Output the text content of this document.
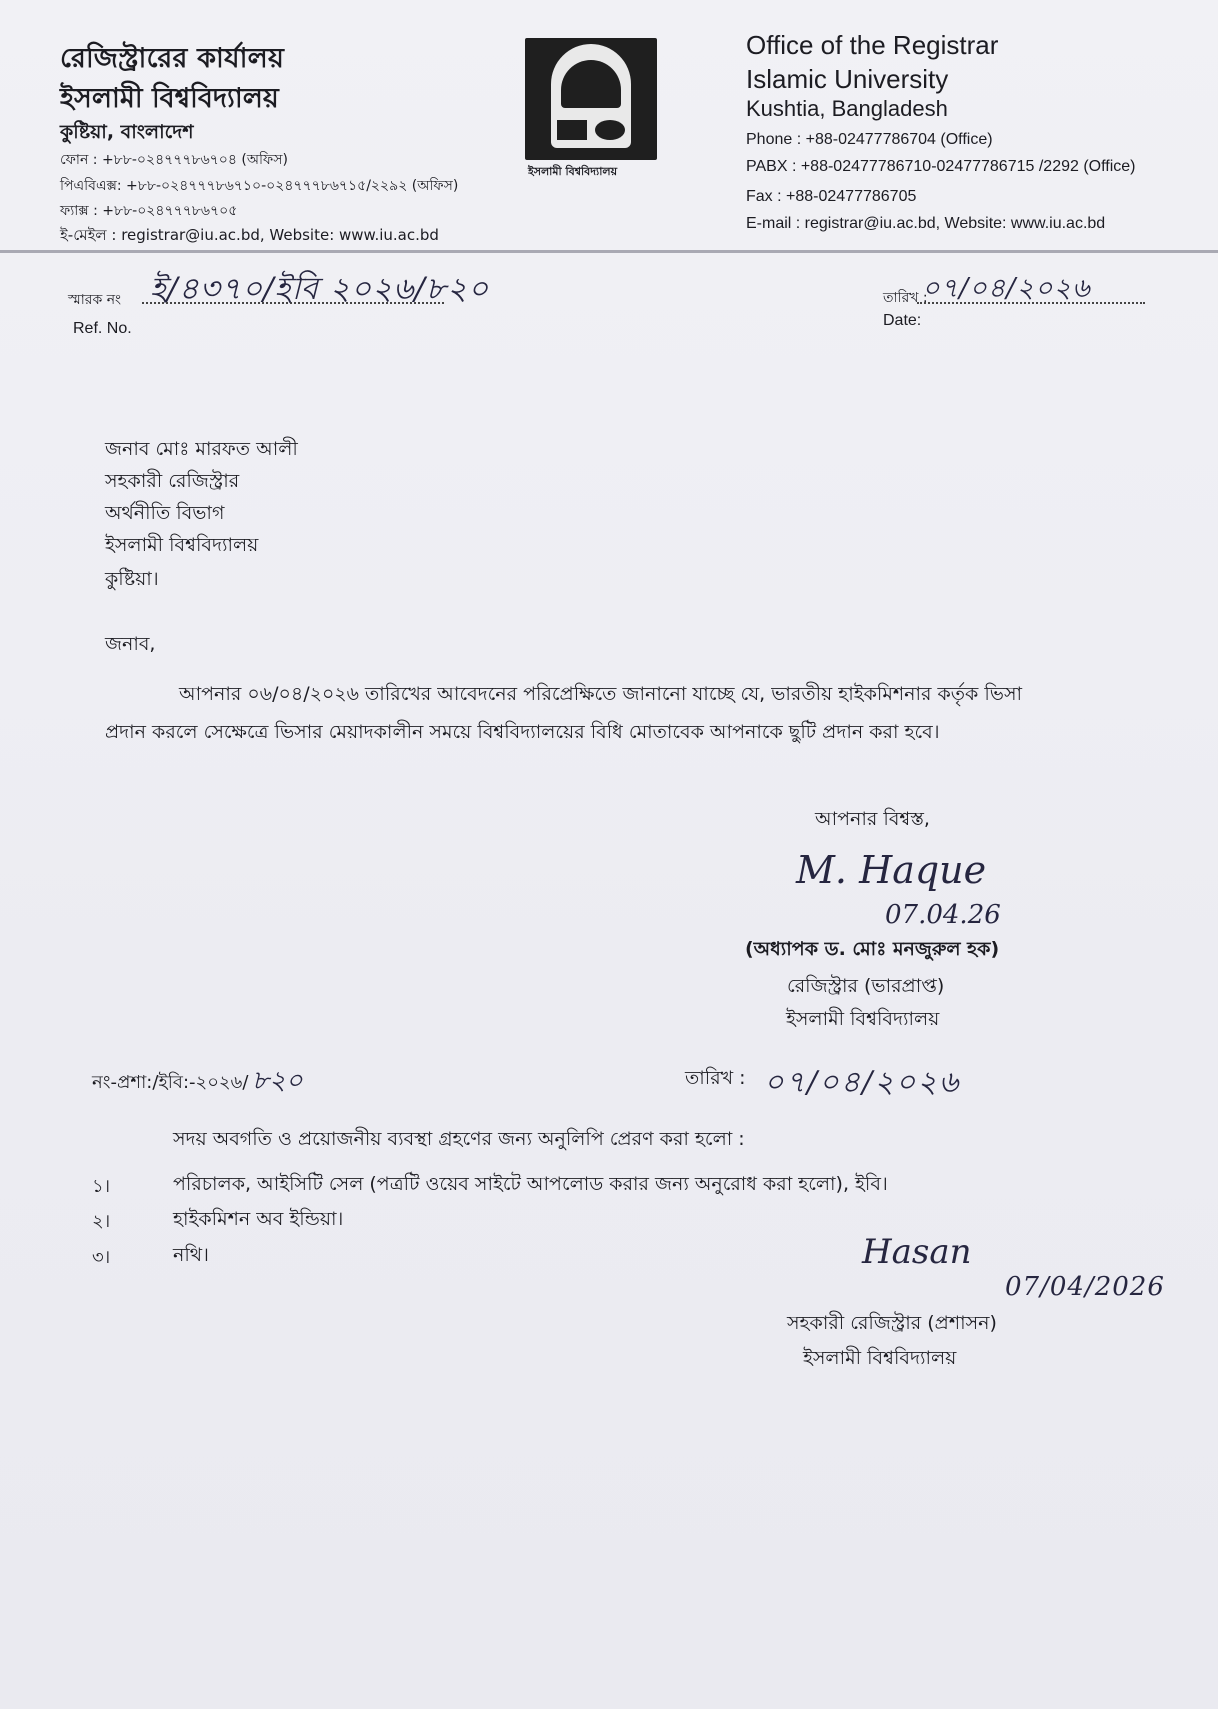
রেজিস্ট্রারের কার্যালয়
ইসলামী বিশ্ববিদ্যালয়
কুষ্টিয়া, বাংলাদেশ
ফোন : +৮৮-০২৪৭৭৭৮৬৭০৪ (অফিস)
পিএবিএক্স: +৮৮-০২৪৭৭৭৮৬৭১০-০২৪৭৭৭৮৬৭১৫/২২৯২ (অফিস)
ফ্যাক্স : +৮৮-০২৪৭৭৭৮৬৭০৫
ই-মেইল : registrar@iu.ac.bd, Website: www.iu.ac.bd
ইসলামী বিশ্ববিদ্যালয়
Office of the Registrar
Islamic University
Kushtia, Bangladesh
Phone : +88-02477786704 (Office)
PABX : +88-02477786710-02477786715 /2292 (Office)
Fax : +88-02477786705
E-mail : registrar@iu.ac.bd, Website: www.iu.ac.bd
স্মারক নং ই/৪৩৭০/ইবি ২০২৬/৮২০
Ref. No.
তারিখ :
০৭/০৪/২০২৬
Date:
জনাব মোঃ মারফত আলী
সহকারী রেজিস্ট্রার
অর্থনীতি বিভাগ
ইসলামী বিশ্ববিদ্যালয়
কুষ্টিয়া।
জনাব,
আপনার ০৬/০৪/২০২৬ তারিখের আবেদনের পরিপ্রেক্ষিতে জানানো যাচ্ছে যে, ভারতীয় হাইকমিশনার কর্তৃক ভিসা প্রদান করলে সেক্ষেত্রে ভিসার মেয়াদকালীন সময়ে বিশ্ববিদ্যালয়ের বিধি মোতাবেক আপনাকে ছুটি প্রদান করা হবে।
আপনার বিশ্বস্ত,
M. Haque
07.04.26
(অধ্যাপক ড. মোঃ মনজুরুল হক)
রেজিস্ট্রার (ভারপ্রাপ্ত)
ইসলামী বিশ্ববিদ্যালয়
নং-প্রশা:/ইবি:-২০২৬/ ৮২০	তারিখ : ০৭/০৪/২০২৬
সদয় অবগতি ও প্রয়োজনীয় ব্যবস্থা গ্রহণের জন্য অনুলিপি প্রেরণ করা হলো :
১।	পরিচালক, আইসিটি সেল (পত্রটি ওয়েব সাইটে আপলোড করার জন্য অনুরোধ করা হলো), ইবি।
২।	হাইকমিশন অব ইন্ডিয়া।
৩।	নথি।	Hasan
07/04/2026
সহকারী রেজিস্ট্রার (প্রশাসন)
ইসলামী বিশ্ববিদ্যালয়
